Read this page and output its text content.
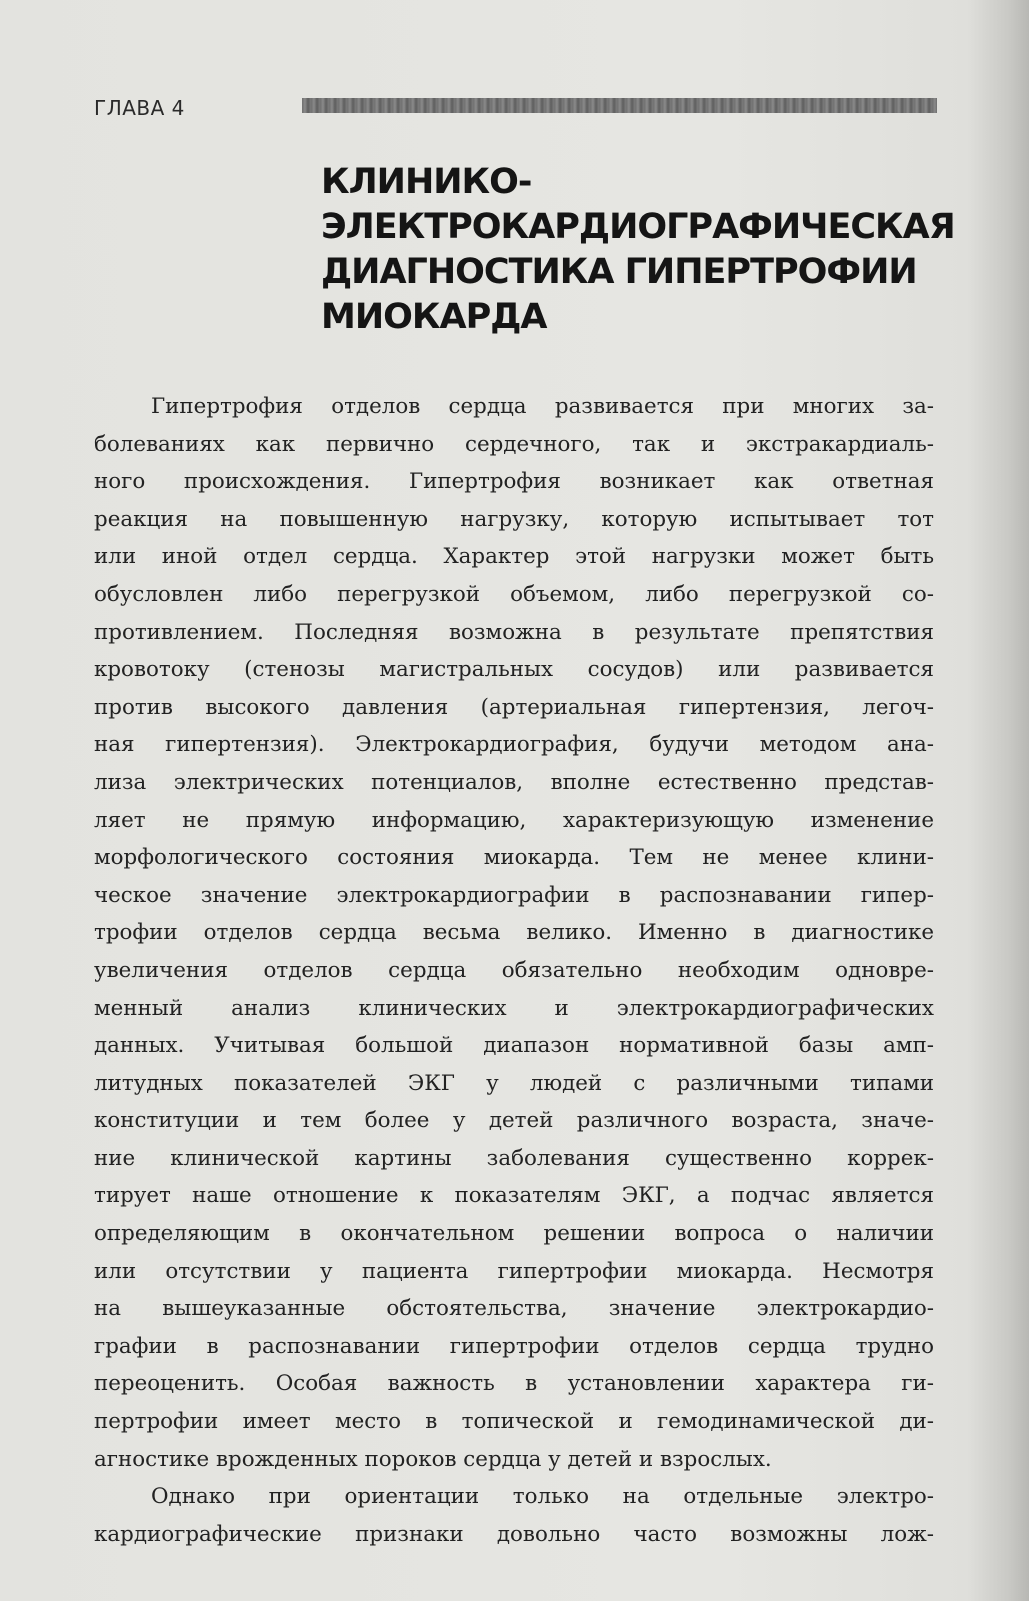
ГЛАВА 4
КЛИНИКО-
ЭЛЕКТРОКАРДИОГРАФИЧЕСКАЯ
ДИАГНОСТИКА ГИПЕРТРОФИИ
МИОКАРДА
Гипертрофия отделов сердца развивается при многих за-
болеваниях как первично сердечного, так и экстракардиаль-
ного происхождения. Гипертрофия возникает как ответная
реакция на повышенную нагрузку, которую испытывает тот
или иной отдел сердца. Характер этой нагрузки может быть
обусловлен либо перегрузкой объемом, либо перегрузкой со-
противлением. Последняя возможна в результате препятствия
кровотоку (стенозы магистральных сосудов) или развивается
против высокого давления (артериальная гипертензия, легоч-
ная гипертензия). Электрокардиография, будучи методом ана-
лиза электрических потенциалов, вполне естественно представ-
ляет не прямую информацию, характеризующую изменение
морфологического состояния миокарда. Тем не менее клини-
ческое значение электрокардиографии в распознавании гипер-
трофии отделов сердца весьма велико. Именно в диагностике
увеличения отделов сердца обязательно необходим одновре-
менный анализ клинических и электрокардиографических
данных. Учитывая большой диапазон нормативной базы амп-
литудных показателей ЭКГ у людей с различными типами
конституции и тем более у детей различного возраста, значе-
ние клинической картины заболевания существенно коррек-
тирует наше отношение к показателям ЭКГ, а подчас является
определяющим в окончательном решении вопроса о наличии
или отсутствии у пациента гипертрофии миокарда. Несмотря
на вышеуказанные обстоятельства, значение электрокардио-
графии в распознавании гипертрофии отделов сердца трудно
переоценить. Особая важность в установлении характера ги-
пертрофии имеет место в топической и гемодинамической ди-
агностике врожденных пороков сердца у детей и взрослых.
Однако при ориентации только на отдельные электро-
кардиографические признаки довольно часто возможны лож-
